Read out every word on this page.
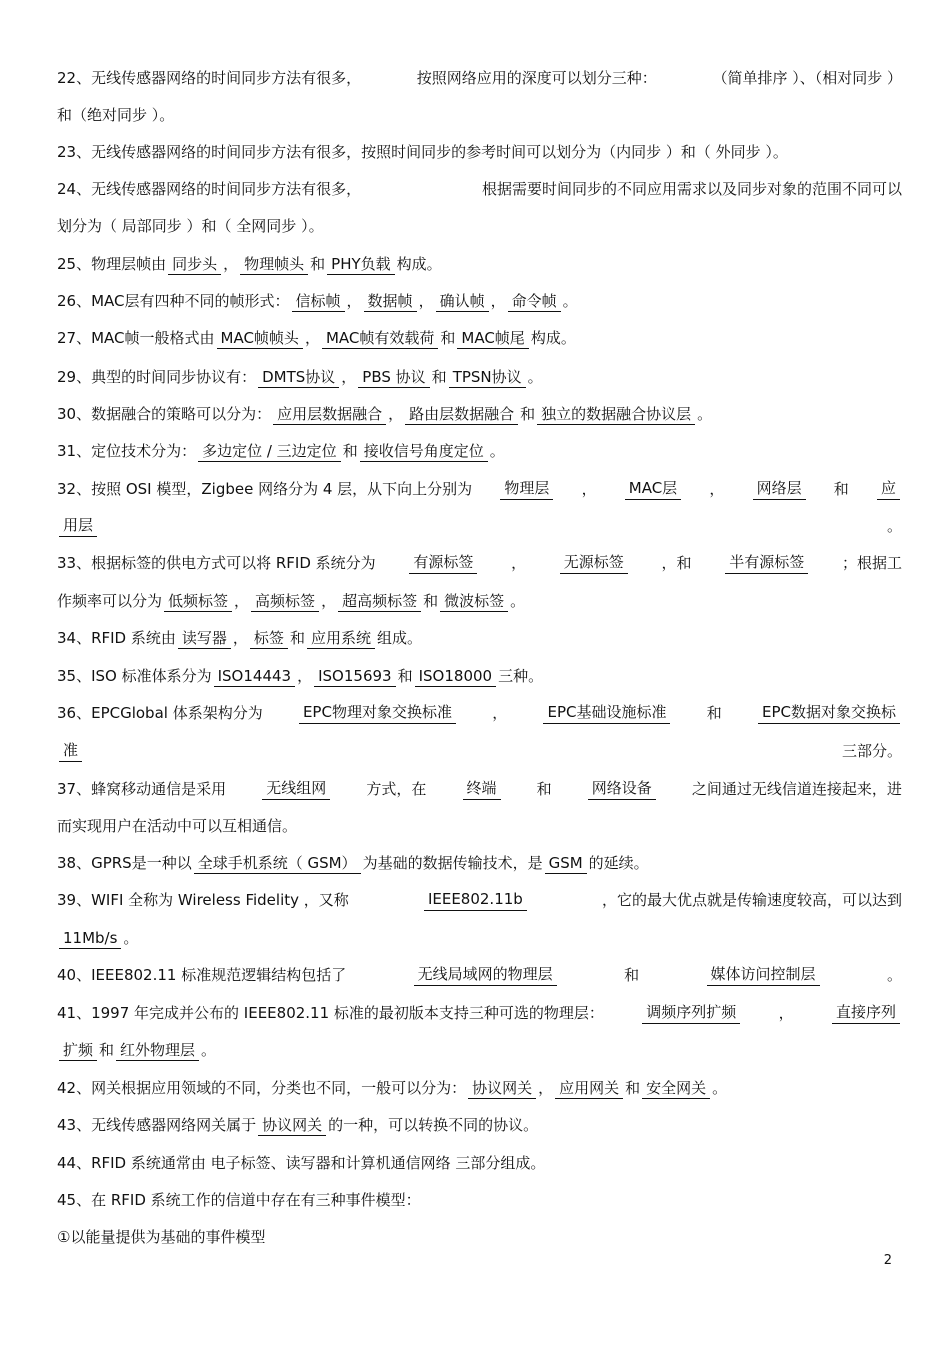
2
22、无线传感器网络的时间同步方法有很多，	按照网络应用的深度可以划分三种：	（简单排序 ）、（相对同步 ）
和（绝对同步 ）。
23、无线传感器网络的时间同步方法有很多，按照时间同步的参考时间可以划分为（内同步 ）和（ 外同步 ）。
24、无线传感器网络的时间同步方法有很多，	根据需要时间同步的不同应用需求以及同步对象的范围不同可以
划分为（ 局部同步 ）和（ 全网同步 ）。
25、物理层帧由同步头 ， 物理帧头 和 PHY负载 构成。
26、MAC层有四种不同的帧形式： 信标帧 ， 数据帧 ， 确认帧 ， 命令帧 。
27、MAC帧一般格式由MAC帧帧头 ， MAC帧有效载荷 和 MAC帧尾 构成。
29、典型的时间同步协议有： DMTS协议 ， PBS 协议 和 TPSN协议 。
30、数据融合的策略可以分为： 应用层数据融合 ， 路由层数据融合 和 独立的数据融合协议层 。
31、定位技术分为： 多边定位 / 三边定位 和 接收信号角度定位 。
32、按照 OSI 模型，Zigbee 网络分为 4 层，从下向上分别为 物理层 ， MAC层 ， 网络层 和 应
用层	。
33、根据标签的供电方式可以将 RFID 系统分为	有源标签	，	无源标签	，和	半有源标签	；根据工
作频率可以分为低频标签 ， 高频标签 ， 超高频标签 和 微波标签 。
34、RFID 系统由 读写器 ， 标签 和 应用系统 组成。
35、ISO 标准体系分为ISO14443 ， ISO15693 和 ISO18000 三种。
36、EPCGlobal 体系架构分为	EPC物理对象交换标准	，	EPC基础设施标准	和	EPC数据对象交换标
准	三部分。
37、蜂窝移动通信是采用	无线组网	方式，在	终端	和	网络设备	之间通过无线信道连接起来，进
而实现用户在活动中可以互相通信。
38、GPRS是一种以全球手机系统（ GSM） 为基础的数据传输技术，是GSM 的延续。
39、WIFI 全称为 Wireless Fidelity ，又称	IEEE802.11b	，它的最大优点就是传输速度较高，可以达到
11Mb/s 。
40、IEEE802.11 标准规范逻辑结构包括了	无线局域网的物理层	和	媒体访问控制层	。
41、1997 年完成并公布的 IEEE802.11 标准的最初版本支持三种可选的物理层：	调频序列扩频	，	直接序列
扩频 和 红外物理层 。
42、网关根据应用领域的不同，分类也不同，一般可以分为： 协议网关 ， 应用网关 和 安全网关 。
43、无线传感器网络网关属于协议网关 的一种，可以转换不同的协议。
44、RFID 系统通常由 电子标签、读写器和计算机通信网络 三部分组成。
45、在 RFID 系统工作的信道中存在有三种事件模型：
①以能量提供为基础的事件模型
